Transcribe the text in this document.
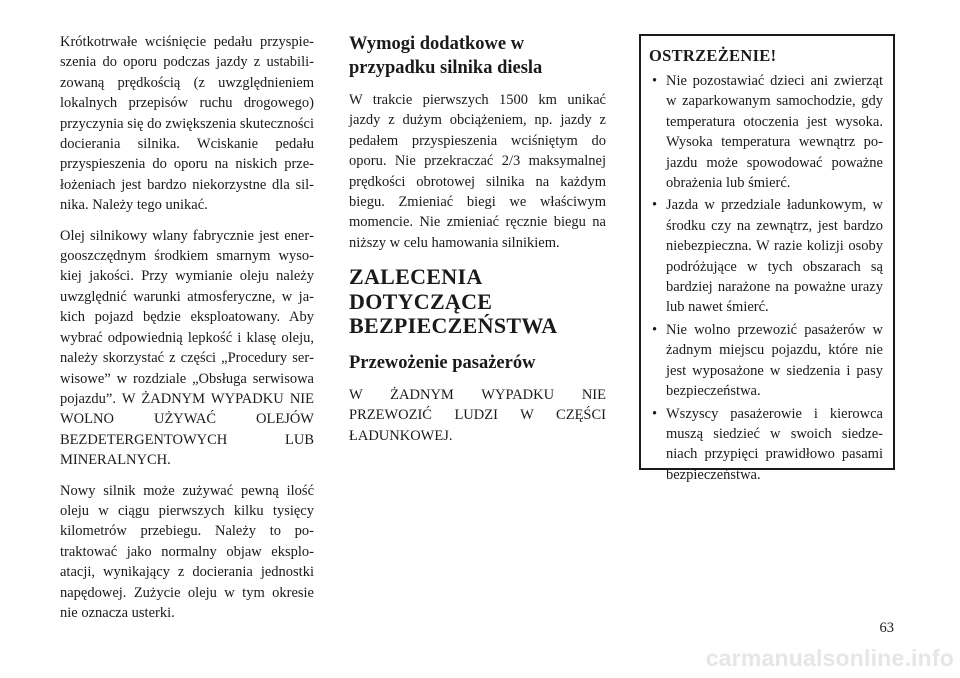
Krótkotrwałe wciśnięcie pedału przyspieszenia do oporu podczas jazdy z ustabilizowaną prędkością (z uwzględnieniem lokalnych przepisów ruchu drogowego) przyczynia się do zwiększenia skuteczności docierania silnika. Wciskanie pedału przyspieszenia do oporu na niskich przełożeniach jest bardzo niekorzystne dla silnika. Należy tego unikać.

Olej silnikowy wlany fabrycznie jest energooszczędnym środkiem smarnym wysokiej jakości. Przy wymianie oleju należy uwzględnić warunki atmosferyczne, w jakich pojazd będzie eksploatowany. Aby wybrać odpowiednią lepkość i klasę oleju, należy skorzystać z części „Procedury serwisowe” w rozdziale „Obsługa serwisowa pojazdu”. W ŻADNYM WYPADKU NIE WOLNO UŻYWAĆ OLEJÓW BEZDETERGENTOWYCH LUB MINERALNYCH.

Nowy silnik może zużywać pewną ilość oleju w ciągu pierwszych kilku tysięcy kilometrów przebiegu. Należy to potraktować jako normalny objaw eksploatacji, wynikający z docierania jednostki napędowej. Zużycie oleju w tym okresie nie oznacza usterki.

Wymogi dodatkowe w przypadku silnika diesla

W trakcie pierwszych 1500 km unikać jazdy z dużym obciążeniem, np. jazdy z pedałem przyspieszenia wciśniętym do oporu. Nie przekraczać 2/3 maksymalnej prędkości obrotowej silnika na każdym biegu. Zmieniać biegi we właściwym momencie. Nie zmieniać ręcznie biegu na niższy w celu hamowania silnikiem.

ZALECENIA DOTYCZĄCE BEZPIECZEŃSTWA
Przewożenie pasażerów

W ŻADNYM WYPADKU NIE PRZEWOZIĆ LUDZI W CZĘŚCI ŁADUNKOWEJ.

OSTRZEŻENIE!
• Nie pozostawiać dzieci ani zwierząt w zaparkowanym samochodzie, gdy temperatura otoczenia jest wysoka. Wysoka temperatura wewnątrz pojazdu może spowodować poważne obrażenia lub śmierć.
• Jazda w przedziale ładunkowym, w środku czy na zewnątrz, jest bardzo niebezpieczna. W razie kolizji osoby podróżujące w tych obszarach są bardziej narażone na poważne urazy lub nawet śmierć.
• Nie wolno przewozić pasażerów w żadnym miejscu pojazdu, które nie jest wyposażone w siedzenia i pasy bezpieczeństwa.
• Wszyscy pasażerowie i kierowca muszą siedzieć w swoich siedzeniach przypięci prawidłowo pasami bezpieczeństwa.
63
carmanualsonline.info
